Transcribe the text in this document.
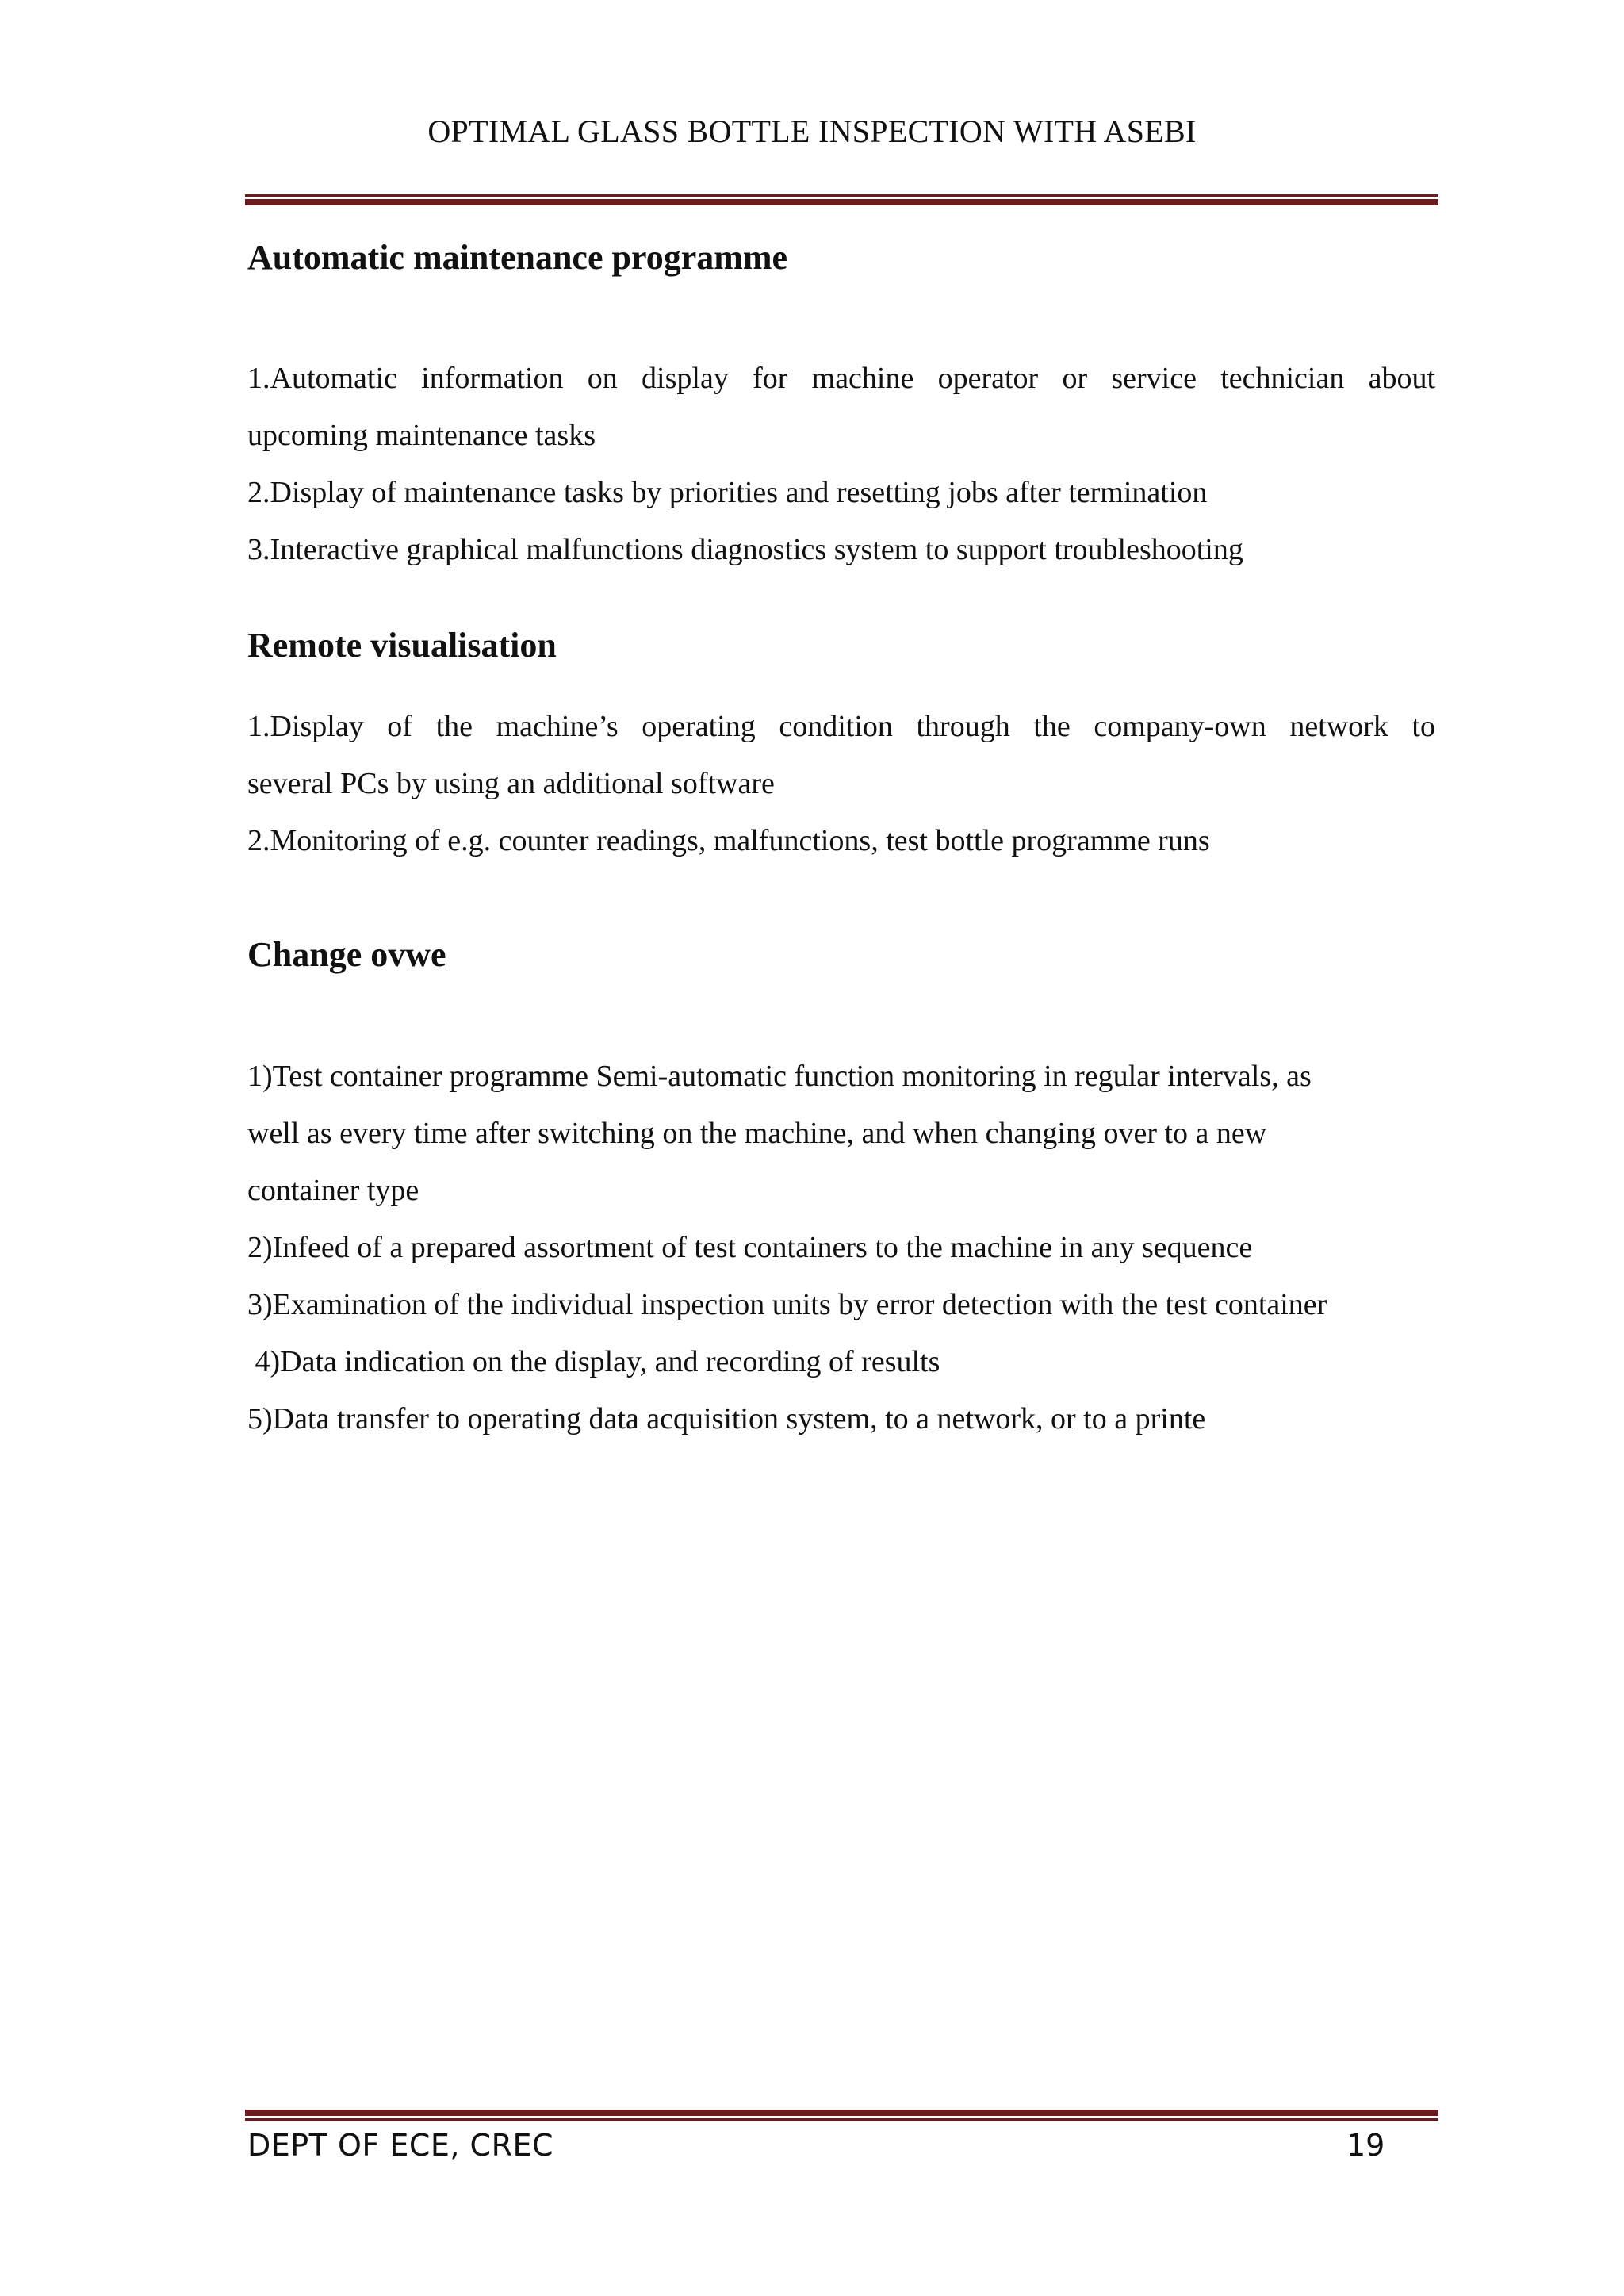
OPTIMAL GLASS BOTTLE INSPECTION WITH ASEBI
Automatic maintenance programme
1.Automatic information on display for machine operator or service technician about
upcoming maintenance tasks
2.Display of maintenance tasks by priorities and resetting jobs after termination
3.Interactive graphical malfunctions diagnostics system to support troubleshooting
Remote visualisation
1.Display of the machine’s operating condition through the company-own network to
several PCs by using an additional software
2.Monitoring of e.g. counter readings, malfunctions, test bottle programme runs
Change ovwe
1)Test container programme Semi-automatic function monitoring in regular intervals, as
well as every time after switching on the machine, and when changing over to a new
container type
2)Infeed of a prepared assortment of test containers to the machine in any sequence
3)Examination of the individual inspection units by error detection with the test container
4)Data indication on the display, and recording of results
5)Data transfer to operating data acquisition system, to a network, or to a printe
DEPT OF ECE, CREC	19
